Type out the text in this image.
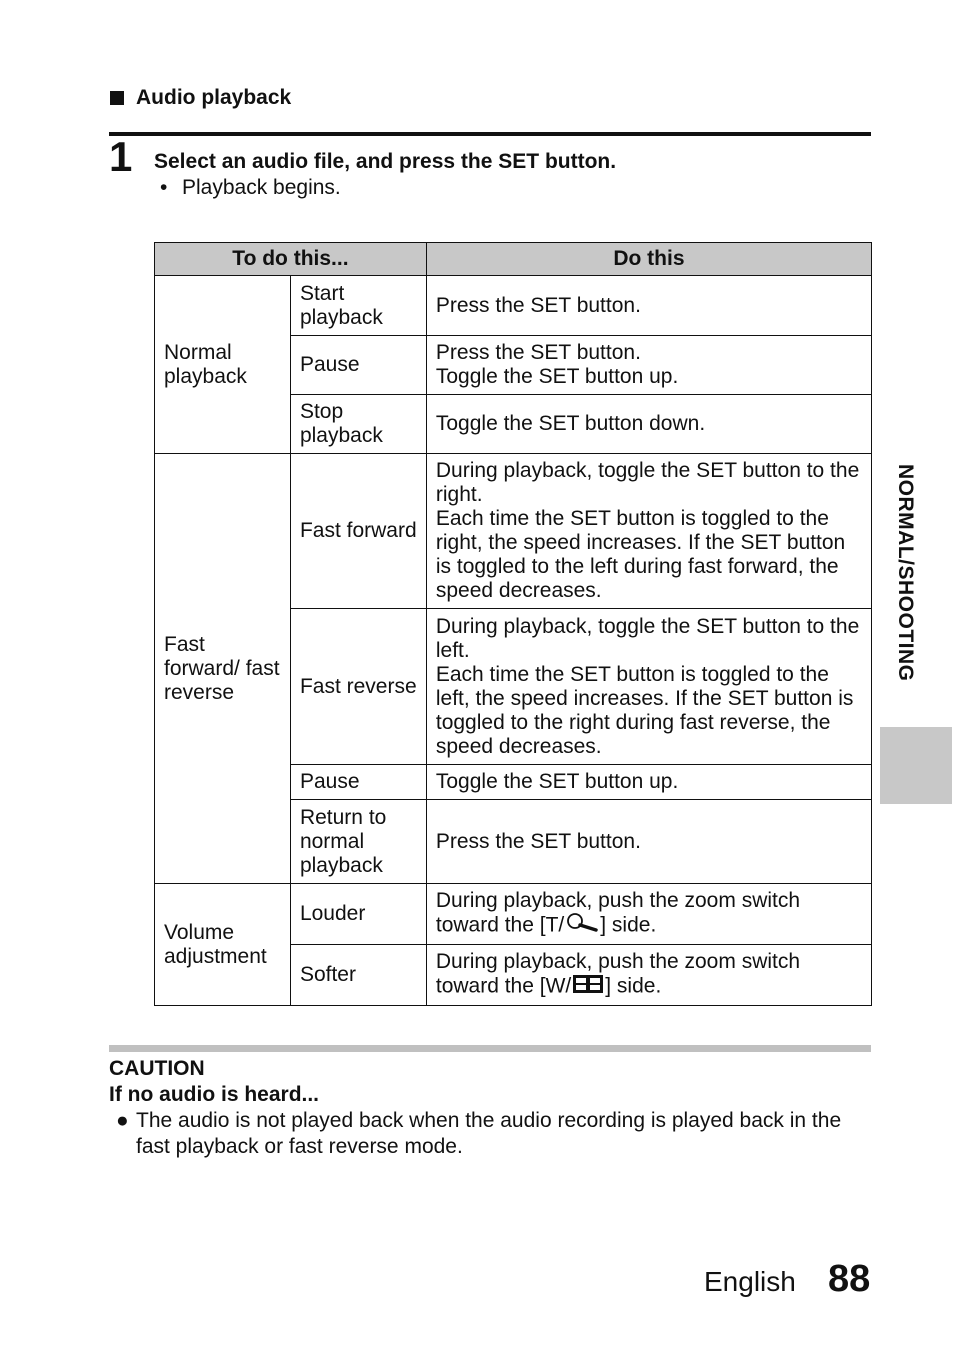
Audio playback
1 Select an audio file, and press the SET button.
• Playback begins.
To do this...		Do this
Normal playback	Start playback	Press the SET button.

	Pause	Press the SET button.
Toggle the SET button up.

	Stop playback	Toggle the SET button down.

Fast forward/ fast reverse	Fast forward	During playback, toggle the SET button to the right.
Each time the SET button is toggled to the right, the speed increases. If the SET button is toggled to the left during fast forward, the speed decreases.

	Fast reverse	During playback, toggle the SET button to the left.
Each time the SET button is toggled to the left, the speed increases. If the SET button is toggled to the right during fast reverse, the speed decreases.

	Pause	Toggle the SET button up.

	Return to normal playback	Press the SET button.

Volume adjustment	Louder	During playback, push the zoom switch toward the [T/ ] side.
	Softer	During playback, push the zoom switch toward the [W/ ] side.
CAUTION
If no audio is heard...
● The audio is not played back when the audio recording is played back in the fast playback or fast reverse mode.
NORMAL/SHOOTING
English 88
